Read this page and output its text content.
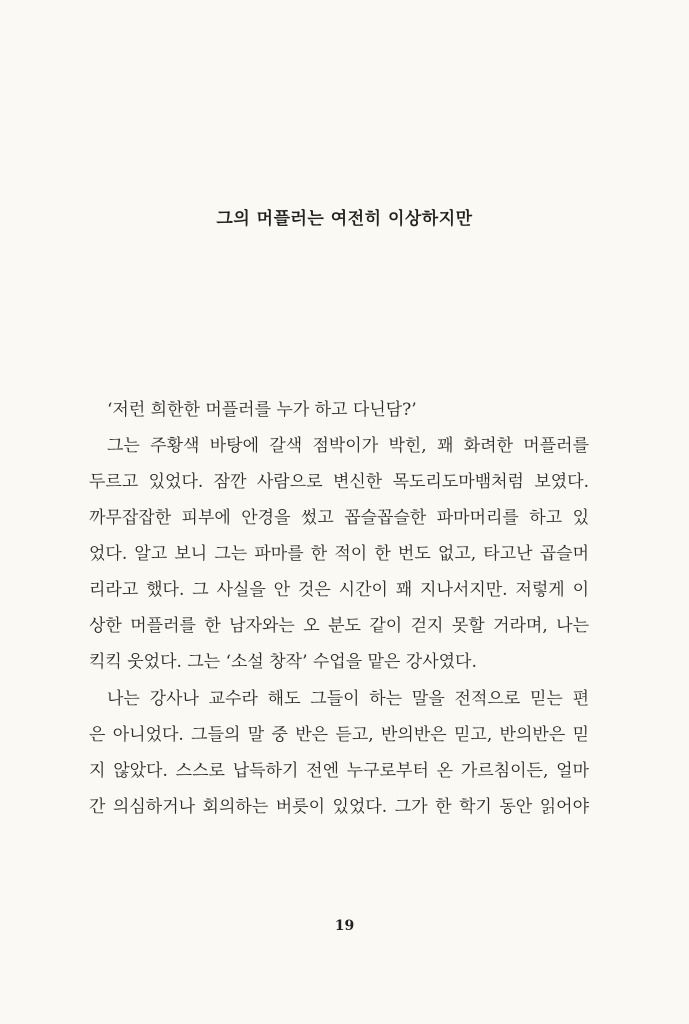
그의 머플러는 여전히 이상하지만
‘저런 희한한 머플러를 누가 하고 다닌담?’
그는 주황색 바탕에 갈색 점박이가 박힌, 꽤 화려한 머플러를
두르고 있었다. 잠깐 사람으로 변신한 목도리도마뱀처럼 보였다.
까무잡잡한 피부에 안경을 썼고 꼽슬꼽슬한 파마머리를 하고 있
었다. 알고 보니 그는 파마를 한 적이 한 번도 없고, 타고난 곱슬머
리라고 했다. 그 사실을 안 것은 시간이 꽤 지나서지만. 저렇게 이
상한 머플러를 한 남자와는 오 분도 같이 걷지 못할 거라며, 나는
킥킥 웃었다. 그는 ‘소설 창작’ 수업을 맡은 강사였다.
나는 강사나 교수라 해도 그들이 하는 말을 전적으로 믿는 편
은 아니었다. 그들의 말 중 반은 듣고, 반의반은 믿고, 반의반은 믿
지 않았다. 스스로 납득하기 전엔 누구로부터 온 가르침이든, 얼마
간 의심하거나 회의하는 버릇이 있었다. 그가 한 학기 동안 읽어야
19
